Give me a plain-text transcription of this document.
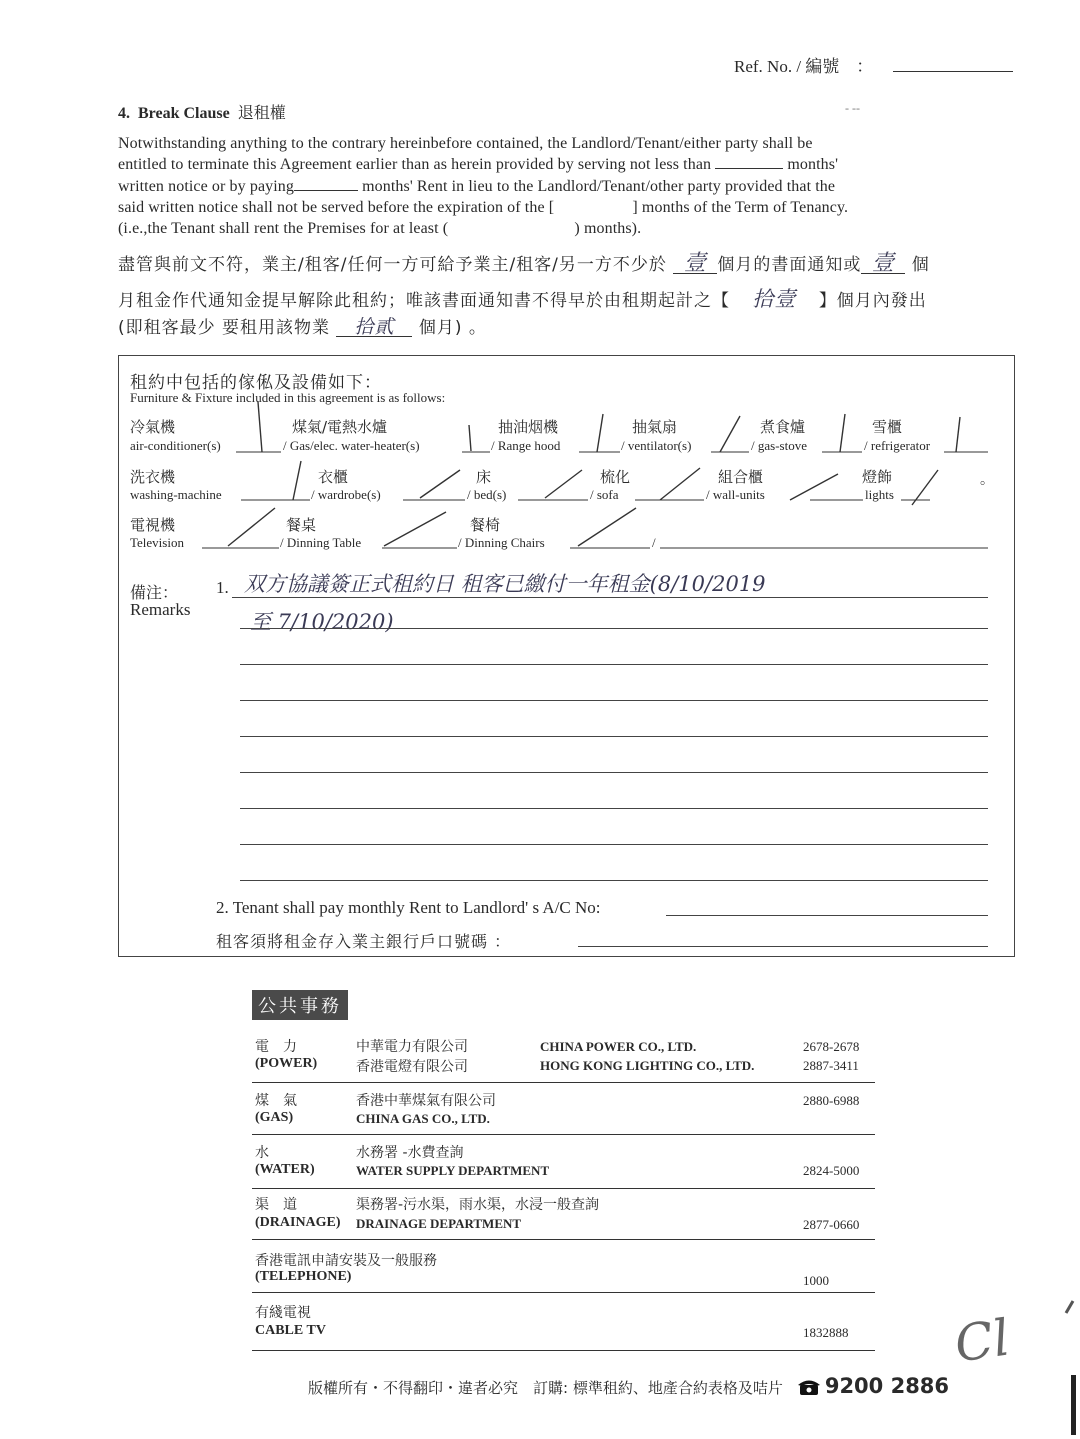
Ref. No. / 編號　：
4. Break Clause 退租權	- --
Notwithstanding anything to the contrary hereinbefore contained, the Landlord/Tenant/either party shall be
entitled to terminate this Agreement earlier than as herein provided by serving not less than	months'
written notice or by paying	months' Rent in lieu to the Landlord/Tenant/other party provided that the
said written notice shall not be served before the expiration of the [	] months of the Term of Tenancy.
(i.e.,the Tenant shall rent the Premises for at least (	) months).
盡管與前文不符，業主/租客/任何一方可給予業主/租客/另一方不少於 壹 個月的書面通知或 壹 個
月租金作代通知金提早解除此租約；唯該書面通知書不得早於由租期起計之【 拾壹 】個月內發出
(即租客最少 要租用該物業 拾貳 個月) 。
租約中包括的傢俬及設備如下：
Furniture & Fixture included in this agreement is as follows:
冷氣機
air-conditioner(s)
煤氣/電熱水爐
/ Gas/elec. water-heater(s)
抽油烟機
/ Range hood
抽氣扇
/ ventilator(s)
煮食爐
/ gas-stove
雪櫃
/ refrigerator
洗衣機
washing-machine
衣櫃
/ wardrobe(s)
床
/ bed(s)
梳化
/ sofa
組合櫃
/ wall-units
燈飾
lights
。
電視機
Television
餐桌
/ Dinning Table
餐椅
/ Dinning Chairs	/
備注：
Remarks
1. 双方協議簽正式租約日 租客已繳付一年租金(8/10/2019
至 7/10/2020)
2. Tenant shall pay monthly Rent to Landlord' s A/C No:
租客須將租金存入業主銀行戶口號碼 ：
公共事務
電　力
(POWER)
中華電力有限公司	CHINA POWER CO., LTD.	2678-2678
香港電燈有限公司	HONG KONG LIGHTING CO., LTD.	2887-3411
煤　氣
(GAS)
香港中華煤氣有限公司
CHINA GAS CO., LTD.
2880-6988
水
(WATER)
水務署 -水費查詢
WATER SUPPLY DEPARTMENT	2824-5000
渠　道
(DRAINAGE)
渠務署-污水渠，雨水渠，水浸一般查詢
DRAINAGE DEPARTMENT	2877-0660
香港電訊申請安裝及一般服務
(TELEPHONE)	1000
有綫電視
CABLE TV	1832888 Cl
版權所有・不得翻印・違者必究　訂購: 標準租約、地產合約表格及咭片 9200 2886
